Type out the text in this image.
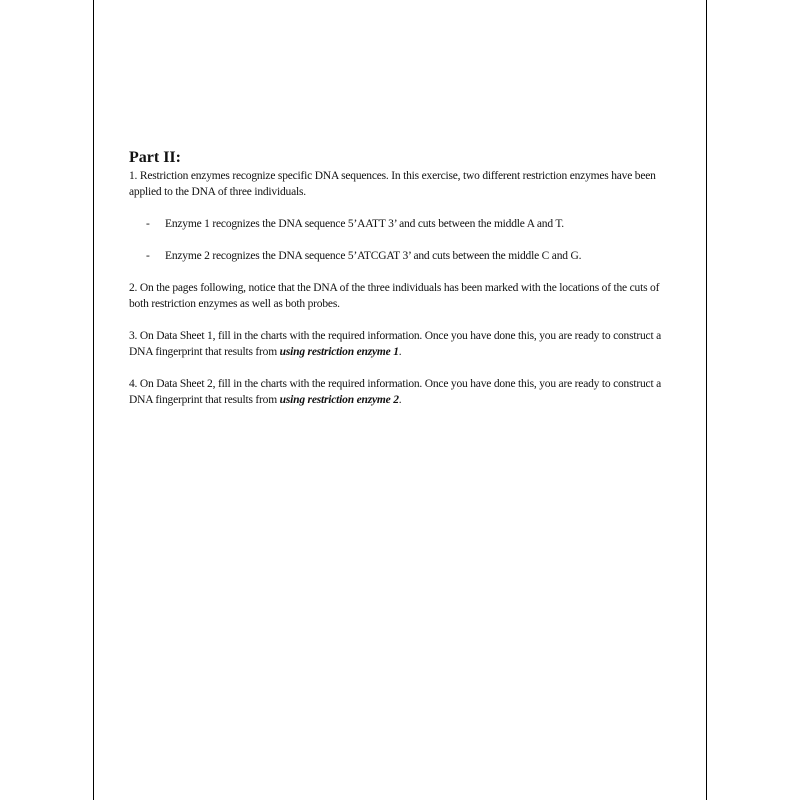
Part II:

1. Restriction enzymes recognize specific DNA sequences. In this exercise, two different restriction enzymes have been applied to the DNA of three individuals.

- Enzyme 1 recognizes the DNA sequence 5’AATT 3’ and cuts between the middle A and T.
- Enzyme 2 recognizes the DNA sequence 5’ATCGAT 3’ and cuts between the middle C and G.

2. On the pages following, notice that the DNA of the three individuals has been marked with the locations of the cuts of both restriction enzymes as well as both probes.

3. On Data Sheet 1, fill in the charts with the required information. Once you have done this, you are ready to construct a DNA fingerprint that results from using restriction enzyme 1.

4. On Data Sheet 2, fill in the charts with the required information. Once you have done this, you are ready to construct a DNA fingerprint that results from using restriction enzyme 2.
